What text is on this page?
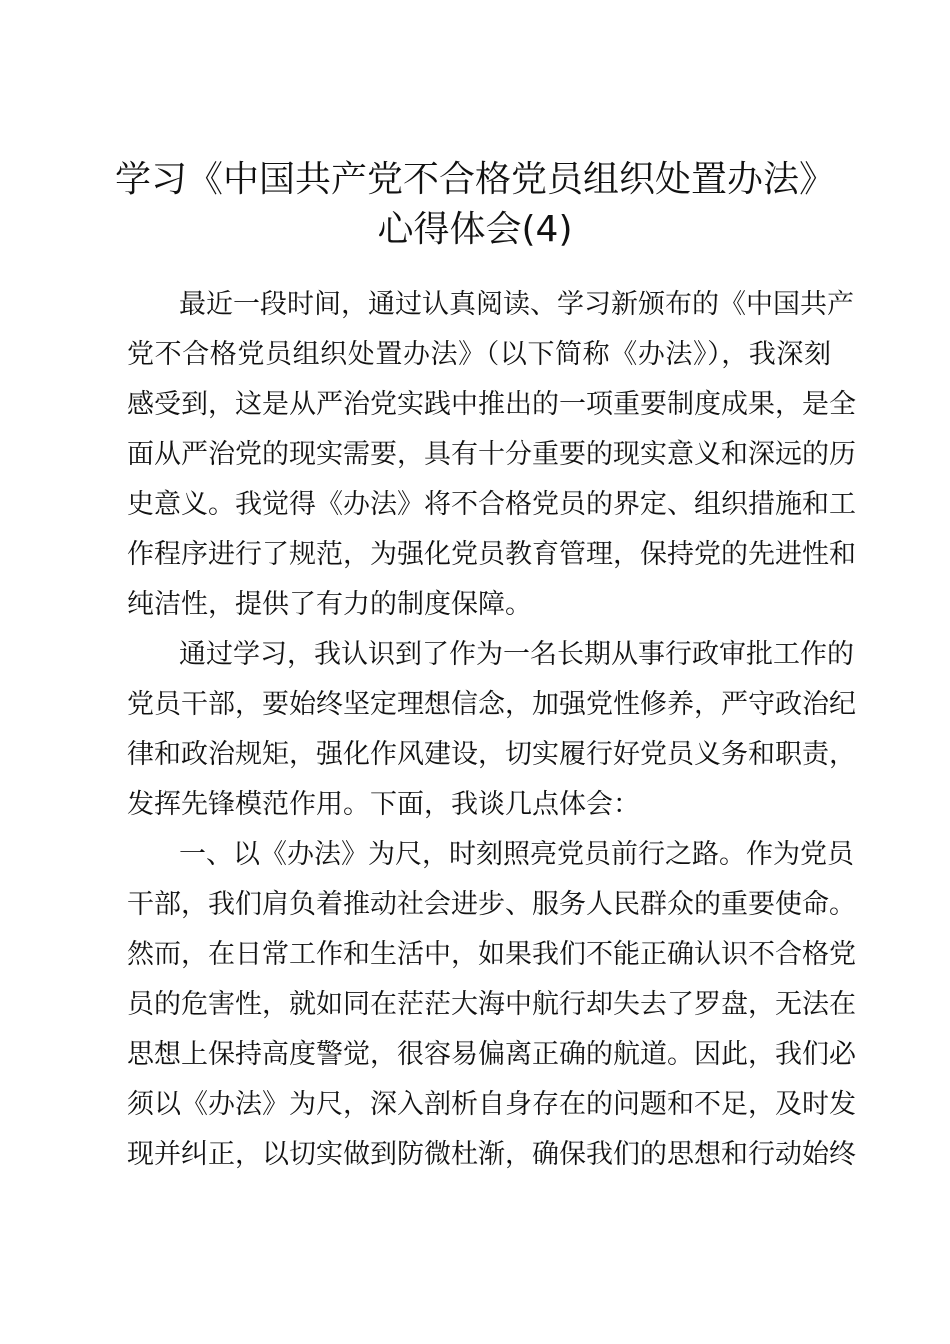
学习《中国共产党不合格党员组织处置办法》
心得体会(4)
最近一段时间，通过认真阅读、学习新颁布的《中国共产
党不合格党员组织处置办法》（以下简称《办法》），我深刻
感受到，这是从严治党实践中推出的一项重要制度成果，是全
面从严治党的现实需要，具有十分重要的现实意义和深远的历
史意义。我觉得《办法》将不合格党员的界定、组织措施和工
作程序进行了规范，为强化党员教育管理，保持党的先进性和
纯洁性，提供了有力的制度保障。
通过学习，我认识到了作为一名长期从事行政审批工作的
党员干部，要始终坚定理想信念，加强党性修养，严守政治纪
律和政治规矩，强化作风建设，切实履行好党员义务和职责，
发挥先锋模范作用。下面，我谈几点体会：
一、以《办法》为尺，时刻照亮党员前行之路。作为党员
干部，我们肩负着推动社会进步、服务人民群众的重要使命。
然而，在日常工作和生活中，如果我们不能正确认识不合格党
员的危害性，就如同在茫茫大海中航行却失去了罗盘，无法在
思想上保持高度警觉，很容易偏离正确的航道。因此，我们必
须以《办法》为尺，深入剖析自身存在的问题和不足，及时发
现并纠正，以切实做到防微杜渐，确保我们的思想和行动始终
